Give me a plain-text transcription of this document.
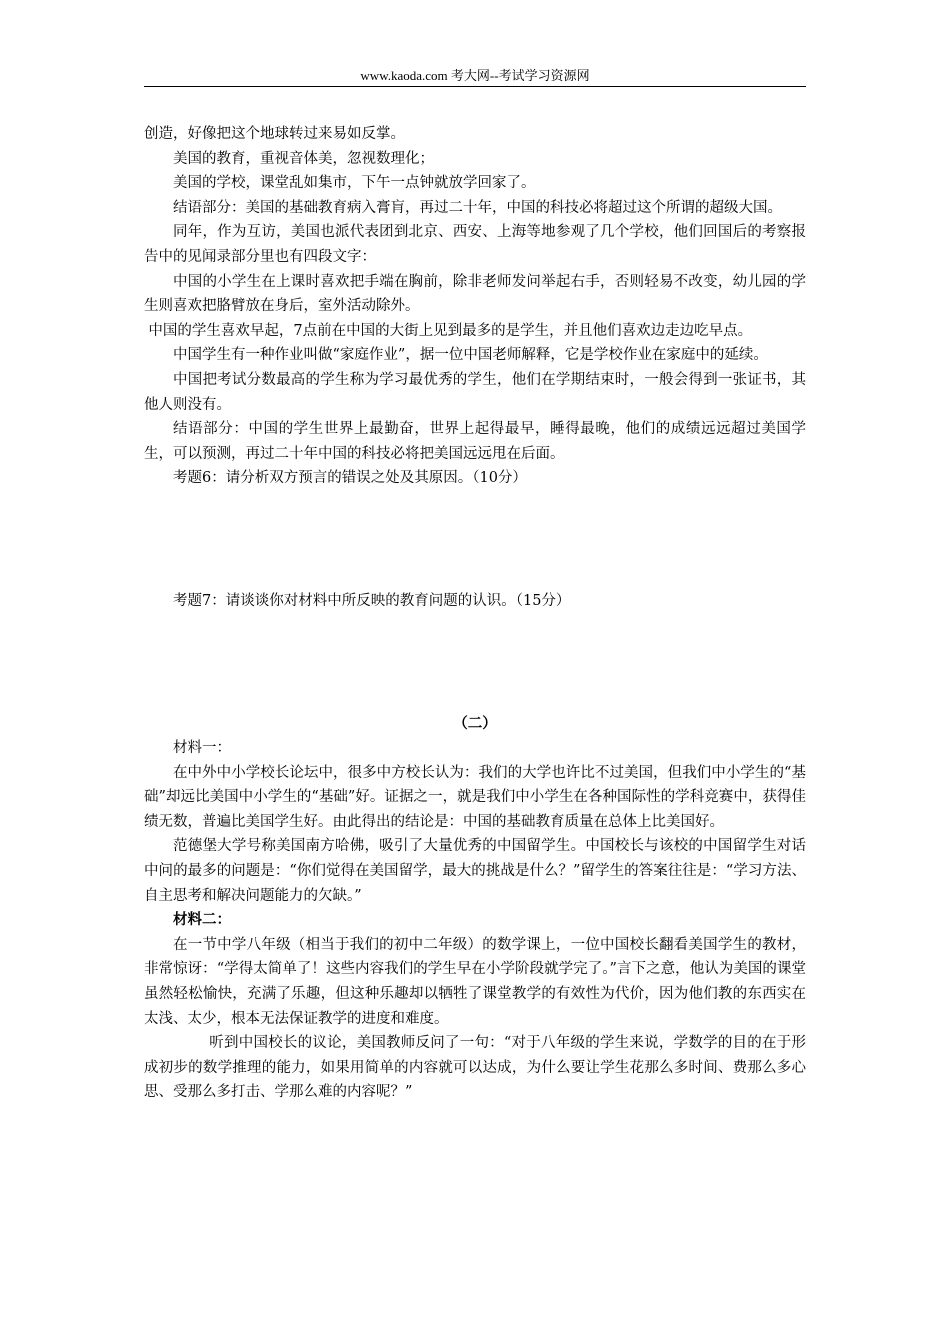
www.kaoda.com 考大网--考试学习资源网

创造，好像把这个地球转过来易如反掌。

美国的教育，重视音体美，忽视数理化；

美国的学校，课堂乱如集市，下午一点钟就放学回家了。

结语部分：美国的基础教育病入膏肓，再过二十年，中国的科技必将超过这个所谓的超级大国。

同年，作为互访，美国也派代表团到北京、西安、上海等地参观了几个学校，他们回国后的考察报告中的见闻录部分里也有四段文字：

中国的小学生在上课时喜欢把手端在胸前，除非老师发问举起右手，否则轻易不改变，幼儿园的学生则喜欢把胳臂放在身后，室外活动除外。

中国的学生喜欢早起，7点前在中国的大街上见到最多的是学生，并且他们喜欢边走边吃早点。

中国学生有一种作业叫做“家庭作业”，据一位中国老师解释，它是学校作业在家庭中的延续。

中国把考试分数最高的学生称为学习最优秀的学生，他们在学期结束时，一般会得到一张证书，其他人则没有。

结语部分：中国的学生世界上最勤奋，世界上起得最早，睡得最晚，他们的成绩远远超过美国学生，可以预测，再过二十年中国的科技必将把美国远远甩在后面。

考题6：请分析双方预言的错误之处及其原因。（10分）

考题7：请谈谈你对材料中所反映的教育问题的认识。（15分）

（二）

材料一：

在中外中小学校长论坛中，很多中方校长认为：我们的大学也许比不过美国，但我们中小学生的“基础”却远比美国中小学生的“基础”好。证据之一，就是我们中小学生在各种国际性的学科竞赛中，获得佳绩无数，普遍比美国学生好。由此得出的结论是：中国的基础教育质量在总体上比美国好。

范德堡大学号称美国南方哈佛，吸引了大量优秀的中国留学生。中国校长与该校的中国留学生对话中问的最多的问题是：“你们觉得在美国留学，最大的挑战是什么？”留学生的答案往往是：“学习方法、自主思考和解决问题能力的欠缺。”

材料二：

在一节中学八年级（相当于我们的初中二年级）的数学课上，一位中国校长翻看美国学生的教材，非常惊讶：“学得太简单了！这些内容我们的学生早在小学阶段就学完了。”言下之意，他认为美国的课堂虽然轻松愉快，充满了乐趣，但这种乐趣却以牺牲了课堂教学的有效性为代价，因为他们教的东西实在太浅、太少，根本无法保证教学的进度和难度。

听到中国校长的议论，美国教师反问了一句：“对于八年级的学生来说，学数学的目的在于形成初步的数学推理的能力，如果用简单的内容就可以达成，为什么要让学生花那么多时间、费那么多心思、受那么多打击、学那么难的内容呢？”
